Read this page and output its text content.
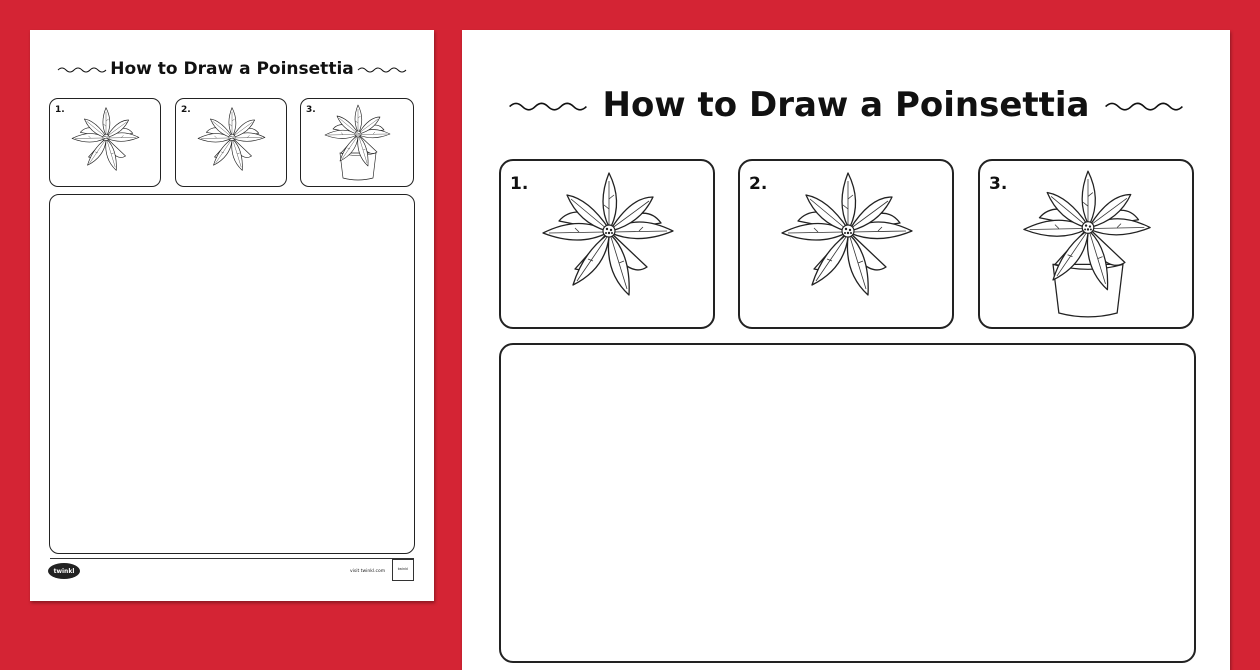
How to Draw a Poinsettia
1.	2.	3.
twinkl	visit twinkl.com	twinkl
How to Draw a Poinsettia
1.	2.	3.
